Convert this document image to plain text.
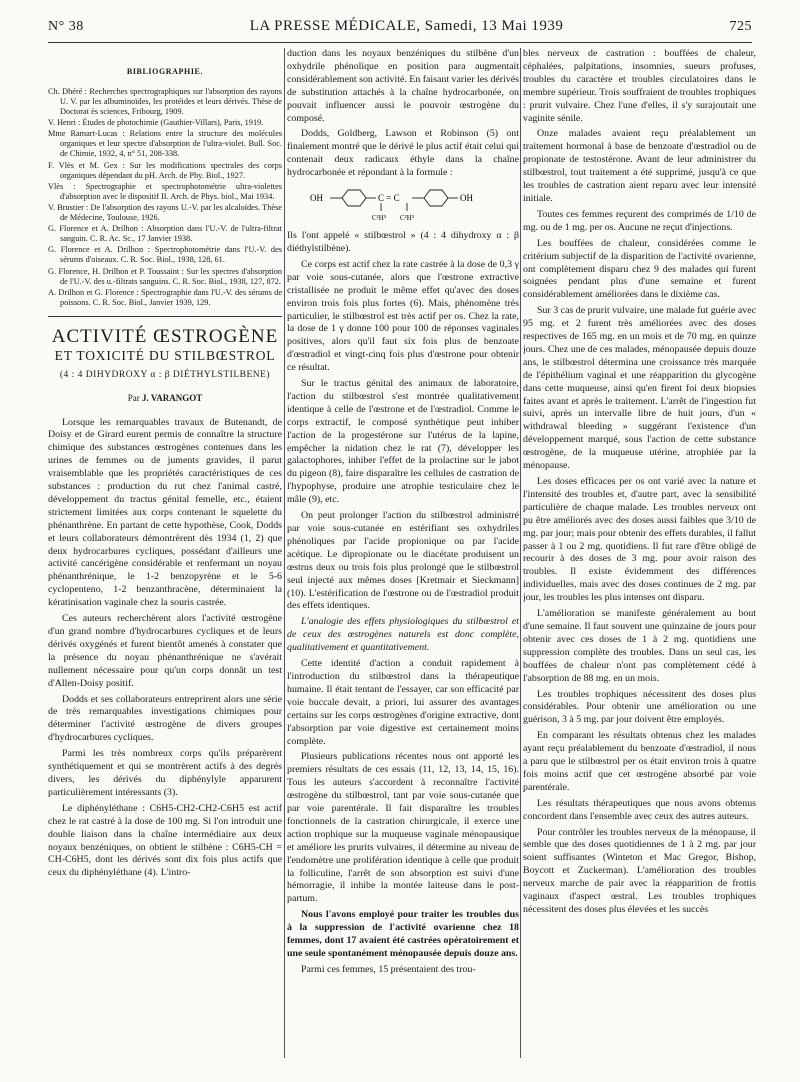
N° 38	LA PRESSE MÉDICALE, Samedi, 13 Mai 1939	725
BIBLIOGRAPHIE.
Ch. Dhéré : Recherches spectrographiques sur l'absorption des rayons U. V. par les albuminoïdes, les protéides et leurs dérivés. Thèse de Doctorat ès sciences, Fribourg, 1909.
V. Henri : Études de photochimie (Gauthier-Villars), Paris, 1919.
Mme Ramart-Lucas : Relations entre la structure des molécules organiques et leur spectre d'absorption de l'ultra-violet. Bull. Soc. de Chimie, 1932, 4, n° 51, 208-338.
F. Vlès et M. Gex : Sur les modifications spectrales des corps organiques dépendant du pH. Arch. de Phy. Biol., 1927.
Vlès : Spectrographie et spectrophotométrie ultra-violettes d'absorption avec le dispositif II. Arch. de Phys. biol., Mai 1934.
V. Brustier : De l'absorption des rayons U.-V. par les alcaloïdes. Thèse de Médecine, Toulouse, 1926.
G. Florence et A. Drilhon : Absorption dans l'U.-V. de l'ultra-filtrat sanguin. C. R. Ac. Sc., 17 Janvier 1938.
G. Florence et A. Drilhon : Spectrophotométrie dans l'U.-V. des sérums d'oiseaux. C. R. Soc. Biol., 1938, 128, 61.
G. Florence, H. Drilhon et P. Toussaint : Sur les spectres d'absorption de l'U.-V. des u.-filtrats sanguins. C. R. Soc. Biol., 1938, 127, 872.
A. Drilhon et G. Florence : Spectrographie dans l'U.-V. des sérums de poissons. C. R. Soc. Biol., Janvier 1939, 129.
ACTIVITÉ ŒSTROGÈNE
ET TOXICITÉ DU STILBŒSTROL
(4 : 4 DIHYDROXY α : β DIÉTHYLSTILBENE)
Par J. VARANGOT

Lorsque les remarquables travaux de Butenandt, de Doisy et de Girard eurent permis de connaître la structure chimique des substances œstrogènes contenues dans les urines de femmes ou de juments gravides, il parut vraisemblable que les propriétés caractéristiques de ces substances : production du rut chez l'animal castré, développement du tractus génital femelle, etc., étaient strictement limitées aux corps contenant le squelette du phénanthrène. En partant de cette hypothèse, Cook, Dodds et leurs collaborateurs démontrèrent dès 1934 (1, 2) que deux hydrocarbures cycliques, possédant d'ailleurs une activité cancérigène considérable et renfermant un noyau phénanthrénique, le 1-2 benzopyrène et le 5-6 cyclopenteno, 1-2 benzanthracène, déterminaient la kératinisation vaginale chez la souris castrée.

Ces auteurs recherchèrent alors l'activité œstrogène d'un grand nombre d'hydrocarbures cycliques et de leurs dérivés oxygénés et furent bientôt amenés à constater que la présence du noyau phénanthrénique ne s'avérait nullement nécessaire pour qu'un corps donnât un test d'Allen-Doisy positif.

Dodds et ses collaborateurs entreprirent alors une série de très remarquables investigations chimiques pour déterminer l'activité œstrogène de divers groupes d'hydrocarbures cycliques.

Parmi les très nombreux corps qu'ils préparèrent synthétiquement et qui se montrèrent actifs à des degrés divers, les dérivés du diphénylyle apparurent particulièrement intéressants (3).

Le diphényléthane : C6H5-CH2-CH2-C6H5 est actif chez le rat castré à la dose de 100 mg. Si l'on introduit une double liaison dans la chaîne intermédiaire aux deux noyaux benzéniques, on obtient le stilbène : C6H5-CH = CH-C6H5, dont les dérivés sont dix fois plus actifs que ceux du diphényléthane (4). L'intro-

duction dans les noyaux benzéniques du stilbène d'un oxhydrile phénolique en position para augmentait considérablement son activité. En faisant varier les dérivés de substitution attachés à la chaîne hydrocarbonée, on pouvait influencer aussi le pouvoir œstrogène du composé.

Dodds, Goldberg, Lawson et Robinson (5) ont finalement montré que le dérivé le plus actif était celui qui contenait deux radicaux éthyle dans la chaîne hydrocarbonée et répondant à la formule :

OH	C = C
C²H⁵ C²H⁵
OH

Ils l'ont appelé « stilbœstrol » (4 : 4 dihydroxy α : β diéthylstilbène).

Ce corps est actif chez la rate castrée à la dose de 0,3 γ par voie sous-cutanée, alors que l'œstrone extractive cristallisée ne produit le même effet qu'avec des doses environ trois fois plus fortes (6). Mais, phénomène très particulier, le stilbœstrol est très actif per os. Chez la rate, la dose de 1 γ donne 100 pour 100 de réponses vaginales positives, alors qu'il faut six fois plus de benzoate d'œstradiol et vingt-cinq fois plus d'œstrone pour obtenir ce résultat.

Sur le tractus génital des animaux de laboratoire, l'action du stilbœstrol s'est montrée qualitativement identique à celle de l'œstrone et de l'œstradiol. Comme le corps extractif, le composé synthétique peut inhiber l'action de la progestérone sur l'utérus de la lapine, empêcher la nidation chez le rat (7), développer les galactophores, inhiber l'effet de la prolactine sur le jabot du pigeon (8), faire disparaître les cellules de castration de l'hypophyse, produire une atrophie testiculaire chez le mâle (9), etc.

On peut prolonger l'action du stilbœstrol administré par voie sous-cutanée en estérifiant ses oxhydriles phénoliques par l'acide propionique ou par l'acide acétique. Le dipropionate ou le diacétate produisent un œstrus deux ou trois fois plus prolongé que le stilbœstrol seul injecté aux mêmes doses [Kretmair et Sieckmann] (10). L'estérification de l'œstrone ou de l'œstradiol produit des effets identiques.

L'analogie des effets physiologiques du stilbœstrol et de ceux des œstrogènes naturels est donc complète, qualitativement et quantitativement.

Cette identité d'action a conduit rapidement à l'introduction du stilbœstrol dans la thérapeutique humaine. Il était tentant de l'essayer, car son efficacité par voie buccale devait, a priori, lui assurer des avantages certains sur les corps œstrogènes d'origine extractive, dont l'absorption par voie digestive est certainement moins complète.

Plusieurs publications récentes nous ont apporté les premiers résultats de ces essais (11, 12, 13, 14, 15, 16). Tous les auteurs s'accordent à reconnaître l'activité œstrogène du stilbœstrol, tant par voie sous-cutanée que par voie parentérale. Il fait disparaître les troubles fonctionnels de la castration chirurgicale, il exerce une action trophique sur la muqueuse vaginale ménopausique et améliore les prurits vulvaires, il détermine au niveau de l'endomètre une prolifération identique à celle que produit la folliculine, l'arrêt de son absorption est suivi d'une hémorragie, il inhibe la montée laiteuse dans le post-partum.

Nous l'avons employé pour traiter les troubles dus à la suppression de l'activité ovarienne chez 18 femmes, dont 17 avaient été castrées opératoirement et une seule spontanément ménopausée depuis douze ans.

Parmi ces femmes, 15 présentaient des trou-

bles nerveux de castration : bouffées de chaleur, céphalées, palpitations, insomnies, sueurs profuses, troubles du caractère et troubles circulatoires dans le membre supérieur. Trois souffraient de troubles trophiques : prurit vulvaire. Chez l'une d'elles, il s'y surajoutait une vaginite sénile.

Onze malades avaient reçu préalablement un traitement hormonal à base de benzoate d'œstradiol ou de propionate de testostérone. Avant de leur administrer du stilbœstrol, tout traitement a été supprimé, jusqu'à ce que les troubles de castration aient reparu avec leur intensité initiale.

Toutes ces femmes reçurent des comprimés de 1/10 de mg. ou de 1 mg. per os. Aucune ne reçut d'injections.

Les bouffées de chaleur, considérées comme le critérium subjectif de la disparition de l'activité ovarienne, ont complètement disparu chez 9 des malades qui furent soignées pendant plus d'une semaine et furent considérablement améliorées dans le dixième cas.

Sur 3 cas de prurit vulvaire, une malade fut guérie avec 95 mg. et 2 furent très améliorées avec des doses respectives de 165 mg. en un mois et de 70 mg. en quinze jours. Chez une de ces malades, ménopausée depuis douze ans, le stilbœstrol détermina une croissance très marquée de l'épithélium vaginal et une réapparition du glycogène dans cette muqueuse, ainsi qu'en firent foi deux biopsies faites avant et après le traitement. L'arrêt de l'ingestion fut suivi, après un intervalle libre de huit jours, d'un « withdrawal bleeding » suggérant l'existence d'un développement marqué, sous l'action de cette substance œstrogène, de la muqueuse utérine, atrophiée par la ménopause.

Les doses efficaces per os ont varié avec la nature et l'intensité des troubles et, d'autre part, avec la sensibilité particulière de chaque malade. Les troubles nerveux ont pu être améliorés avec des doses aussi faibles que 3/10 de mg. par jour; mais pour obtenir des effets durables, il fallut passer à 1 ou 2 mg. quotidiens. Il fut rare d'être obligé de recourir à des doses de 3 mg. pour avoir raison des troubles. Il existe évidemment des différences individuelles, mais avec des doses continues de 2 mg. par jour, les troubles les plus intenses ont disparu.

L'amélioration se manifeste généralement au bout d'une semaine. Il faut souvent une quinzaine de jours pour obtenir avec ces doses de 1 à 2 mg. quotidiens une suppression complète des troubles. Dans un seul cas, les bouffées de chaleur n'ont pas complètement cédé à l'absorption de 88 mg. en un mois.

Les troubles trophiques nécessitent des doses plus considérables. Pour obtenir une amélioration ou une guérison, 3 à 5 mg. par jour doivent être employés.

En comparant les résultats obtenus chez les malades ayant reçu préalablement du benzoate d'œstradiol, il nous a paru que le stilbœstrol per os était environ trois à quatre fois moins actif que cet œstrogène absorbé par voie parentérale.

Les résultats thérapeutiques que nous avons obtenus concordent dans l'ensemble avec ceux des autres auteurs.

Pour contrôler les troubles nerveux de la ménopause, il semble que des doses quotidiennes de 1 à 2 mg. par jour soient suffisantes (Winteton et Mac Gregor, Bishop, Boycott et Zuckerman). L'amélioration des troubles nerveux marche de pair avec la réapparition de frottis vaginaux d'aspect œstral. Les troubles trophiques nécessitent des doses plus élevées et les succès
